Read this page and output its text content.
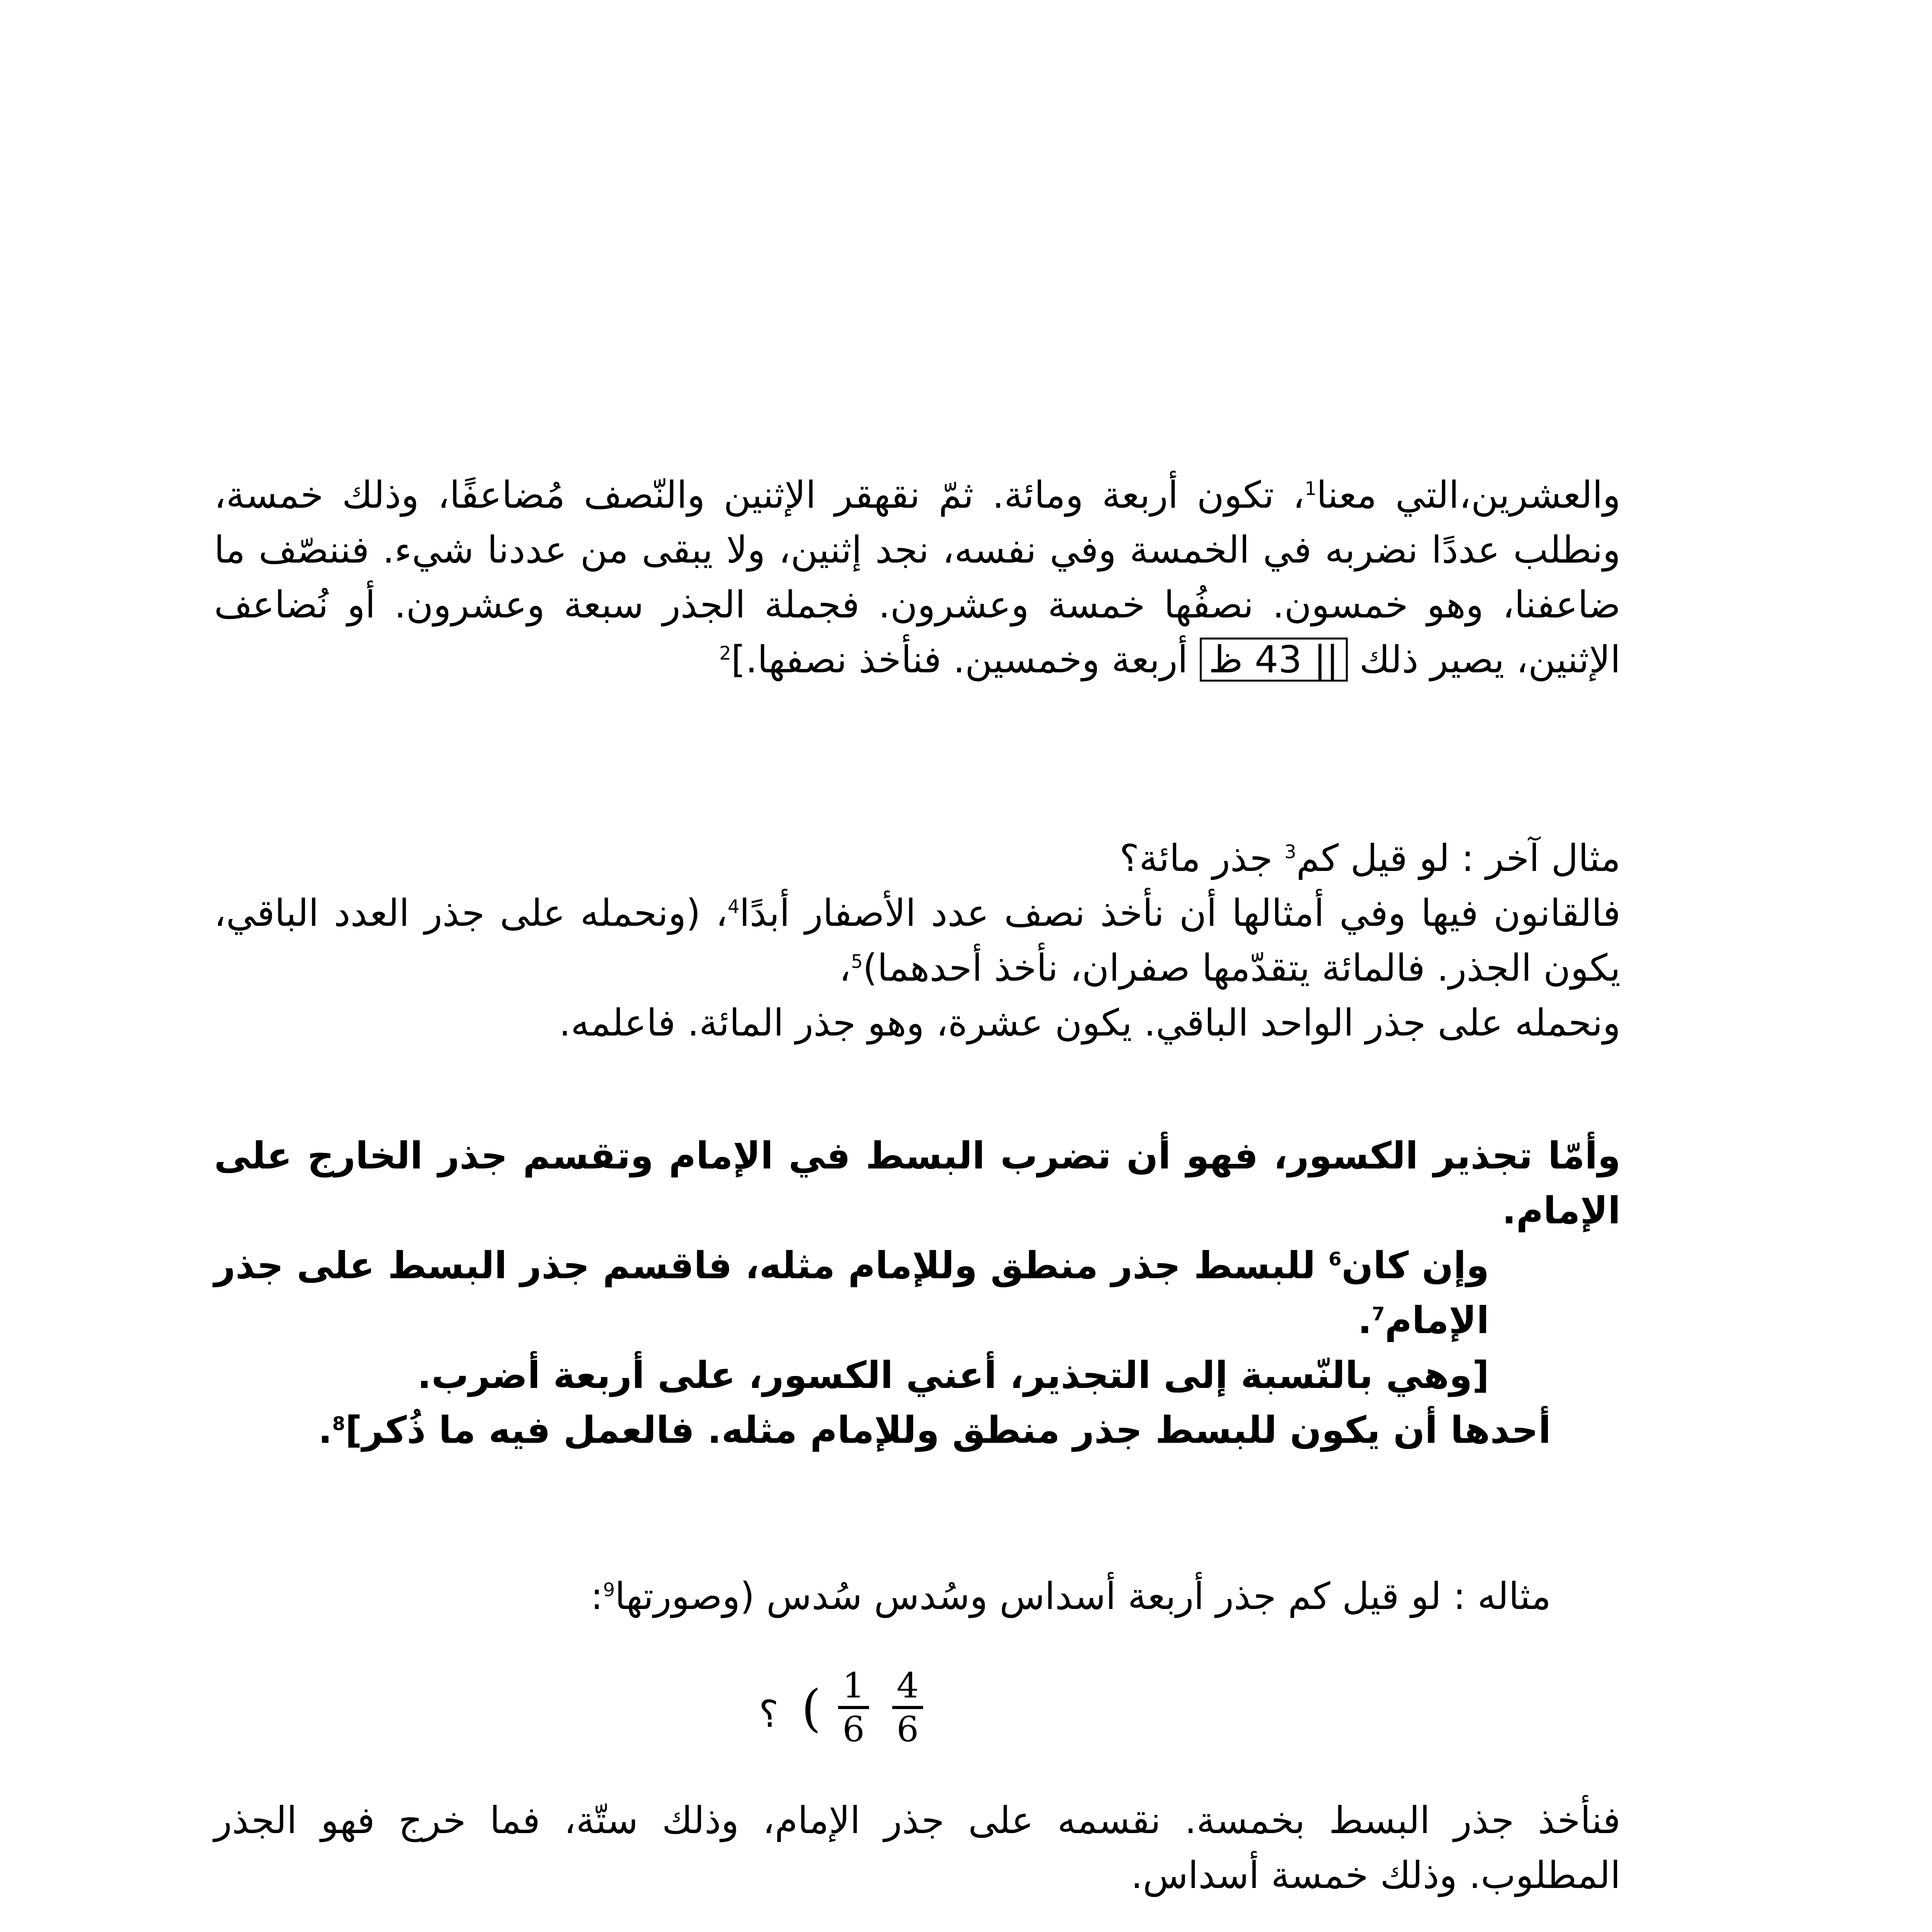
والعشرين،التي معنا$^1$، تكون أربعة ومائة. ثمّ نقهقر الإثنين والنّصف مُضاعفًا، وذلك خمسة، ونطلب عددًا نضربه في الخمسة وفي نفسه، نجد إثنين، ولا يبقى من عددنا شيء. فننصّف ما ضاعفنا، وهو خمسون. نصفُها خمسة وعشرون. فجملة الجذر سبعة وعشرون. أو نُضاعف الإثنين، يصير ذلك || 43 ظ أربعة وخمسين. فنأخذ نصفها.]$^2$
مثال آخر : لو قيل كم$^3$ جذر مائة؟
فالقانون فيها وفي أمثالها أن نأخذ نصف عدد الأصفار أبدًا$^4$، (ونحمله على جذر العدد الباقي، يكون الجذر. فالمائة يتقدّمها صفران، نأخذ أحدهما)$^5$،
ونحمله على جذر الواحد الباقي. يكون عشرة، وهو جذر المائة. فاعلمه.
وأمّا تجذير الكسور، فهو أن تضرب البسط في الإمام وتقسم جذر الخارج على الإمام.
وإن كان$^6$ للبسط جذر منطق وللإمام مثله، فاقسم جذر البسط على جذر الإمام$^7$.
[وهي بالنّسبة إلى التجذير، أعني الكسور، على أربعة أضرب.
أحدها أن يكون للبسط جذر منطق وللإمام مثله. فالعمل فيه ما ذُكر]$^8$.
مثاله : لو قيل كم جذر أربعة أسداس وسُدس سُدس (وصورتها$^9$:
؟ ( 1
6
4
6
فنأخذ جذر البسط بخمسة. نقسمه على جذر الإمام، وذلك ستّة، فما خرج فهو الجذر المطلوب. وذلك خمسة أسداس.
